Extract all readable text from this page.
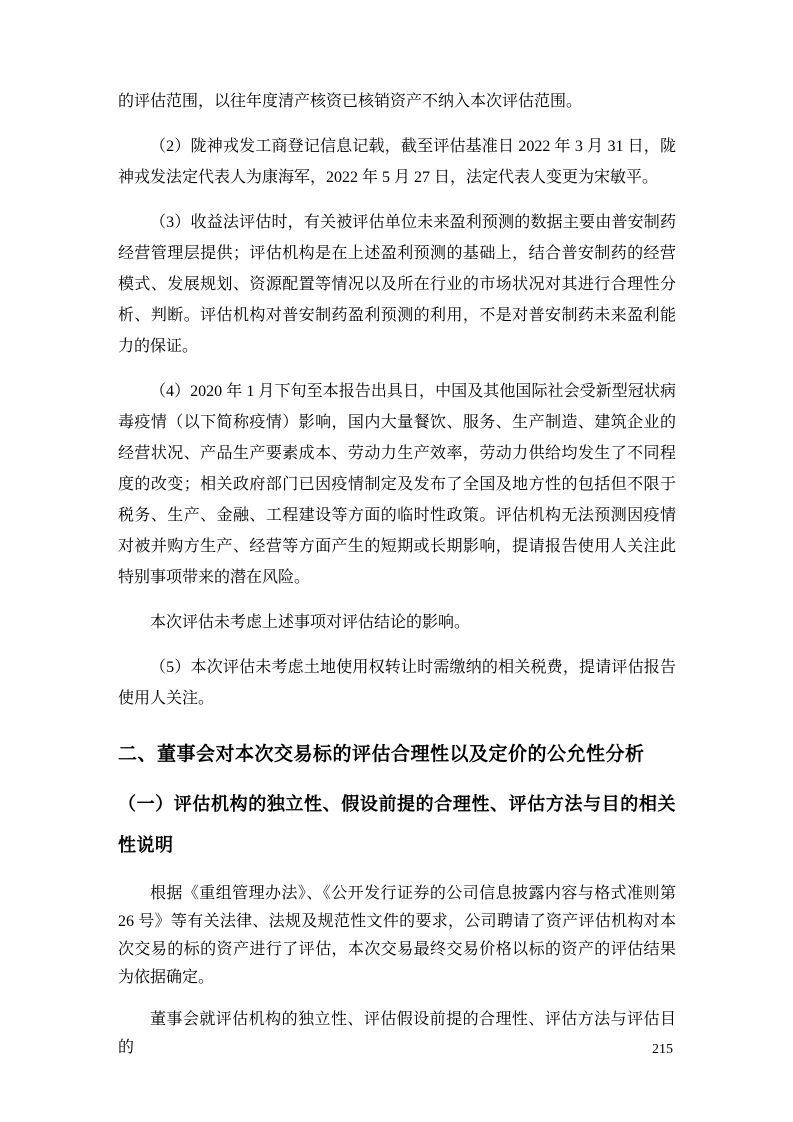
的评估范围，以往年度清产核资已核销资产不纳入本次评估范围。

（2）陇神戎发工商登记信息记载，截至评估基准日 2022 年 3 月 31 日，陇神戎发法定代表人为康海军，2022 年 5 月 27 日，法定代表人变更为宋敏平。

（3）收益法评估时，有关被评估单位未来盈利预测的数据主要由普安制药经营管理层提供；评估机构是在上述盈利预测的基础上，结合普安制药的经营模式、发展规划、资源配置等情况以及所在行业的市场状况对其进行合理性分析、判断。评估机构对普安制药盈利预测的利用，不是对普安制药未来盈利能力的保证。

（4）2020 年 1 月下旬至本报告出具日，中国及其他国际社会受新型冠状病毒疫情（以下简称疫情）影响，国内大量餐饮、服务、生产制造、建筑企业的经营状况、产品生产要素成本、劳动力生产效率，劳动力供给均发生了不同程度的改变；相关政府部门已因疫情制定及发布了全国及地方性的包括但不限于税务、生产、金融、工程建设等方面的临时性政策。评估机构无法预测因疫情对被并购方生产、经营等方面产生的短期或长期影响，提请报告使用人关注此特别事项带来的潜在风险。

本次评估未考虑上述事项对评估结论的影响。

（5）本次评估未考虑土地使用权转让时需缴纳的相关税费，提请评估报告使用人关注。

二、董事会对本次交易标的评估合理性以及定价的公允性分析
（一）评估机构的独立性、假设前提的合理性、评估方法与目的相关性说明

根据《重组管理办法》、《公开发行证券的公司信息披露内容与格式准则第 26 号》等有关法律、法规及规范性文件的要求，公司聘请了资产评估机构对本次交易的标的资产进行了评估，本次交易最终交易价格以标的资产的评估结果为依据确定。

董事会就评估机构的独立性、评估假设前提的合理性、评估方法与评估目的	215
